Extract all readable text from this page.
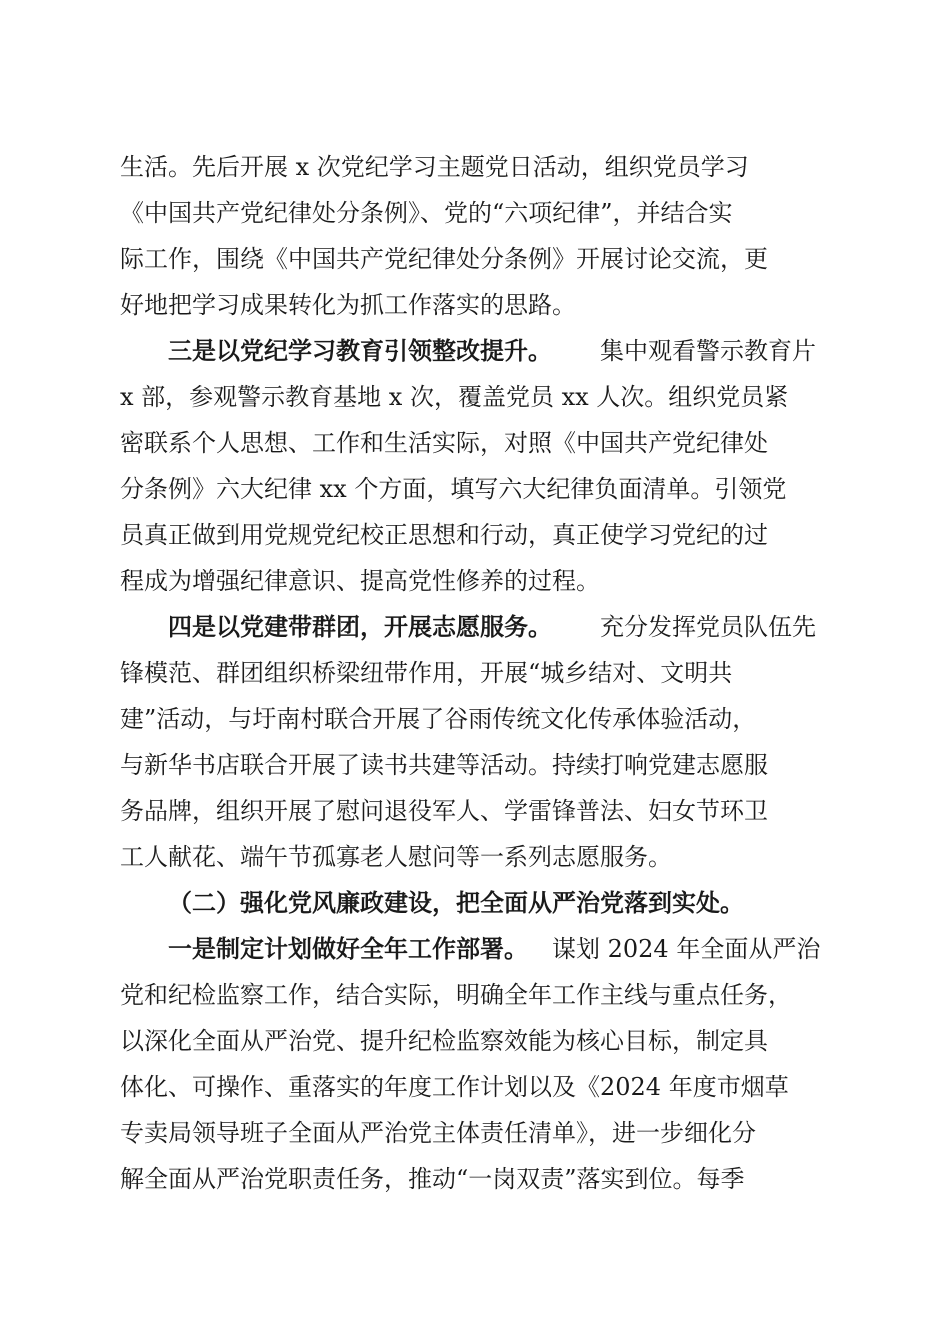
生活。先后开展 x 次党纪学习主题党日活动，组织党员学习
《中国共产党纪律处分条例》、党的“六项纪律”，并结合实
际工作，围绕《中国共产党纪律处分条例》开展讨论交流，更
好地把学习成果转化为抓工作落实的思路。
三是以党纪学习教育引领整改提升。 集中观看警示教育片
x 部，参观警示教育基地 x 次，覆盖党员 xx 人次。组织党员紧
密联系个人思想、工作和生活实际，对照《中国共产党纪律处
分条例》六大纪律 xx 个方面，填写六大纪律负面清单。引领党
员真正做到用党规党纪校正思想和行动，真正使学习党纪的过
程成为增强纪律意识、提高党性修养的过程。
四是以党建带群团，开展志愿服务。 充分发挥党员队伍先
锋模范、群团组织桥梁纽带作用，开展“城乡结对、文明共
建”活动，与圩南村联合开展了谷雨传统文化传承体验活动，
与新华书店联合开展了读书共建等活动。持续打响党建志愿服
务品牌，组织开展了慰问退役军人、学雷锋普法、妇女节环卫
工人献花、端午节孤寡老人慰问等一系列志愿服务。
（二）强化党风廉政建设，把全面从严治党落到实处。
一是制定计划做好全年工作部署。 谋划 2024 年全面从严治
党和纪检监察工作，结合实际，明确全年工作主线与重点任务，
以深化全面从严治党、提升纪检监察效能为核心目标，制定具
体化、可操作、重落实的年度工作计划以及《2024 年度市烟草
专卖局领导班子全面从严治党主体责任清单》，进一步细化分
解全面从严治党职责任务，推动“一岗双责”落实到位。每季
